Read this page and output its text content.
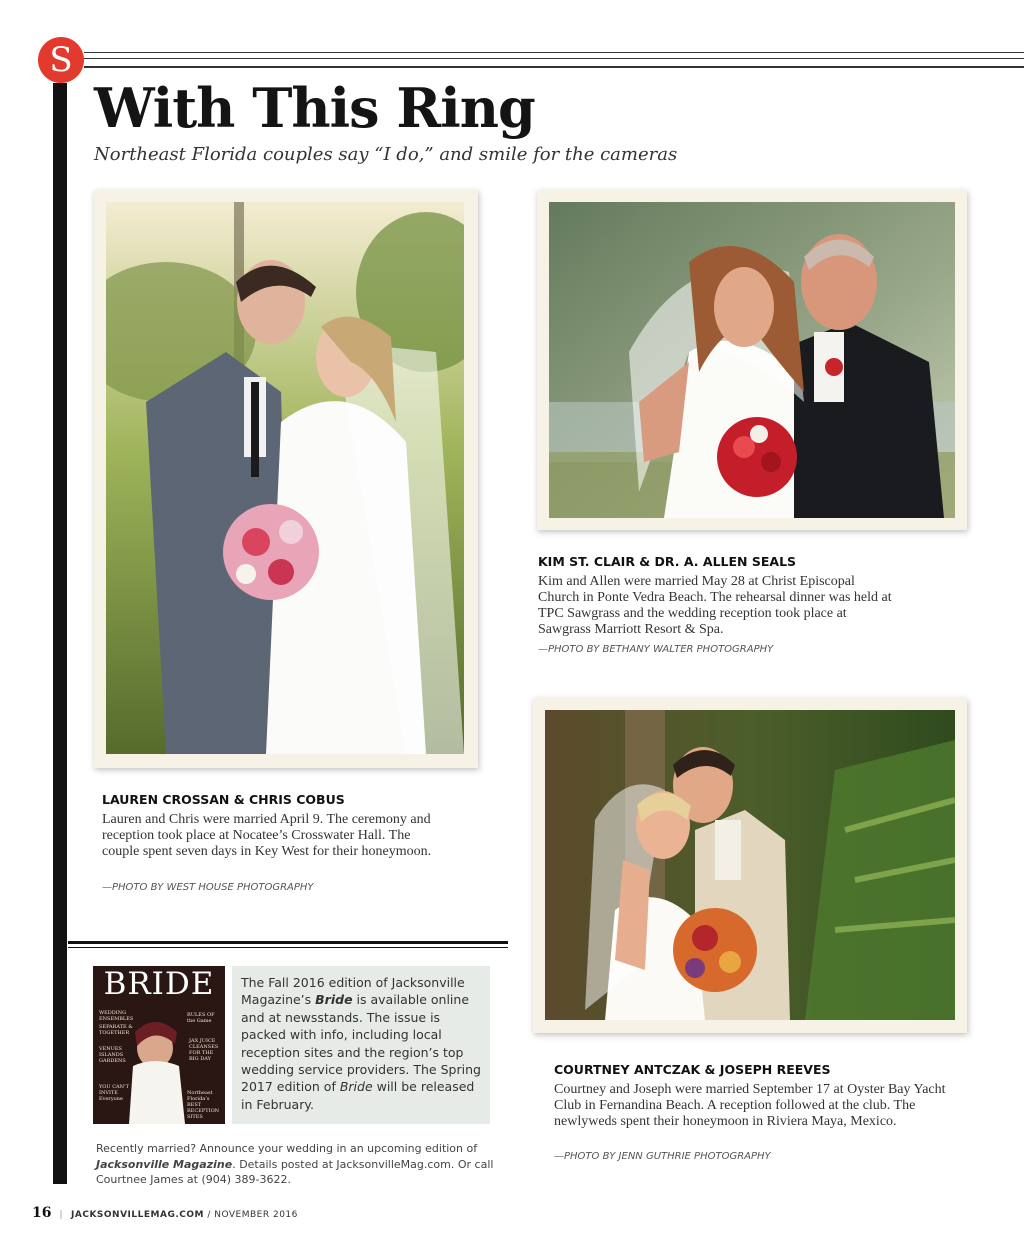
S
With This Ring

Northeast Florida couples say “I do,” and smile for the cameras

LAUREN CROSSAN & CHRIS COBUS

Lauren and Chris were married April 9. The ceremony and reception took place at Nocatee’s Crosswater Hall. The couple spent seven days in Key West for their honeymoon.

—PHOTO BY WEST HOUSE PHOTOGRAPHY

KIM ST. CLAIR & DR. A. ALLEN SEALS

Kim and Allen were married May 28 at Christ Episcopal Church in Ponte Vedra Beach. The rehearsal dinner was held at TPC Sawgrass and the wedding reception took place at Sawgrass Marriott Resort & Spa.

—PHOTO BY BETHANY WALTER PHOTOGRAPHY

COURTNEY ANTCZAK & JOSEPH REEVES

Courtney and Joseph were married September 17 at Oyster Bay Yacht Club in Fernandina Beach. A reception followed at the club. The newlyweds spent their honeymoon in Riviera Maya, Mexico.

—PHOTO BY JENN GUTHRIE PHOTOGRAPHY

BRIDE
WEDDING ENSEMBLES
SEPARATE & TOGETHER
RULES OF the Game
JAX JUICE CLEANSES FOR THE BIG DAY
VENUES ISLANDS GARDENS
YOU CAN’T INVITE Everyone
Northeast Florida’s BEST RECEPTION SITES

The Fall 2016 edition of Jacksonville Magazine’s Bride is available online and at newsstands. The issue is packed with info, including local reception sites and the region’s top wedding service providers. The Spring 2017 edition of Bride will be released in February.

Recently married? Announce your wedding in an upcoming edition of Jacksonville Magazine. Details posted at JacksonvilleMag.com. Or call Courtnee James at (904) 389-3622.

16 | JACKSONVILLEMAG.COM / NOVEMBER 2016
